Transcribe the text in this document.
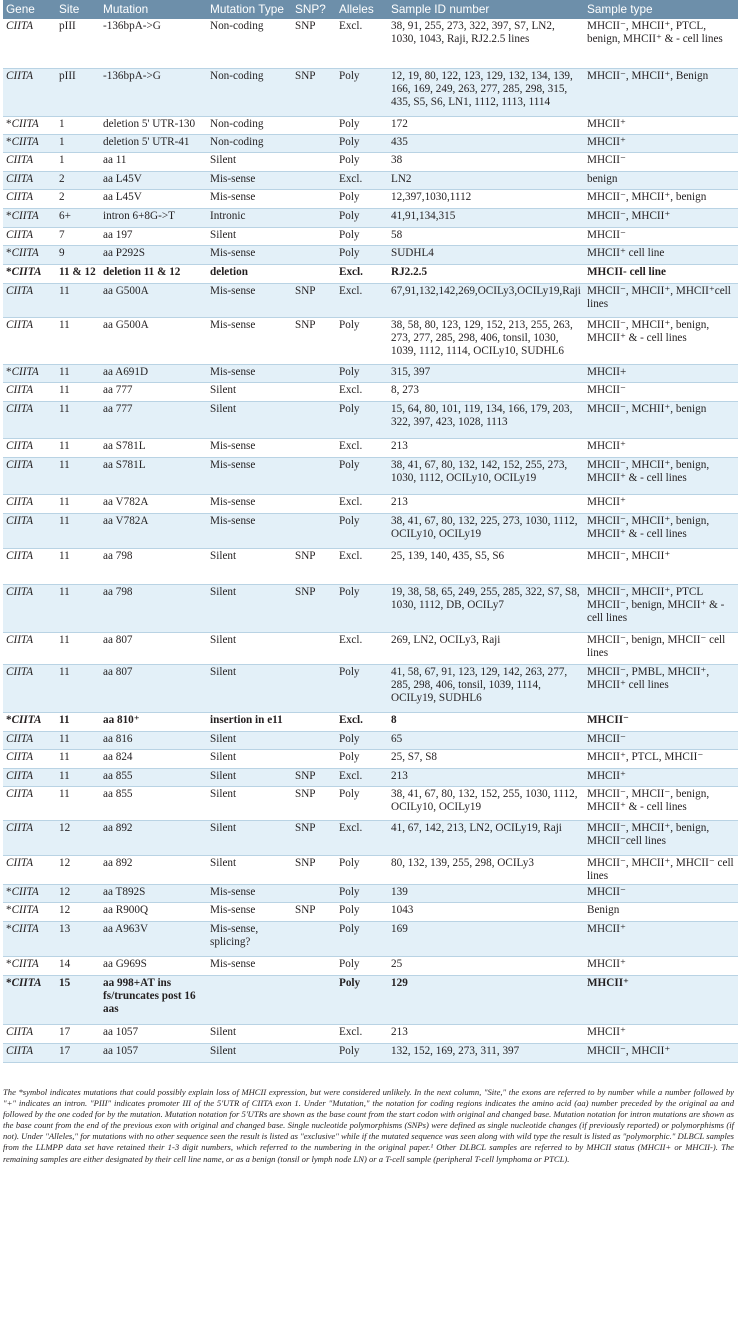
Gene	Site	Mutation	Mutation Type	SNP?	Alleles	Sample ID number	Sample type
CIITA	pIII	-136bpA->G	Non-coding	SNP	Excl.	38, 91, 255, 273, 322, 397, S7, LN2, 1030, 1043, Raji, RJ2.2.5 lines	MHCII⁻, MHCII⁺, PTCL, benign, MHCII⁺ & - cell lines
CIITA	pIII	-136bpA->G	Non-coding	SNP	Poly	12, 19, 80, 122, 123, 129, 132, 134, 139, 166, 169, 249, 263, 277, 285, 298, 315, 435, S5, S6, LN1, 1112, 1113, 1114	MHCII⁻, MHCII⁺, Benign
*CIITA	1	deletion 5' UTR-130	Non-coding		Poly	172	MHCII⁺
*CIITA	1	deletion 5' UTR-41	Non-coding		Poly	435	MHCII⁺
CIITA	1	aa 11	Silent		Poly	38	MHCII⁻
CIITA	2	aa L45V	Mis-sense		Excl.	LN2	benign
CIITA	2	aa L45V	Mis-sense		Poly	12,397,1030,1112	MHCII⁻, MHCII⁺, benign
*CIITA	6+	intron 6+8G->T	Intronic		Poly	41,91,134,315	MHCII⁻, MHCII⁺
CIITA	7	aa 197	Silent		Poly	58	MHCII⁻
*CIITA	9	aa P292S	Mis-sense		Poly	SUDHL4	MHCII⁺ cell line
*CIITA	11 & 12	deletion 11 & 12	deletion		Excl.	RJ2.2.5	MHCII- cell line
CIITA	11	aa G500A	Mis-sense	SNP	Excl.	67,91,132,142,269,OCILy3,OCILy19,Raji	MHCII⁻, MHCII⁺, MHCII⁺cell lines
CIITA	11	aa G500A	Mis-sense	SNP	Poly	38, 58, 80, 123, 129, 152, 213, 255, 263, 273, 277, 285, 298, 406, tonsil, 1030, 1039, 1112, 1114, OCILy10, SUDHL6	MHCII⁻, MHCII⁺, benign, MHCII⁺ & - cell lines
*CIITA	11	aa A691D	Mis-sense		Poly	315, 397	MHCII+
CIITA	11	aa 777	Silent		Excl.	8, 273	MHCII⁻
CIITA	11	aa 777	Silent		Poly	15, 64, 80, 101, 119, 134, 166, 179, 203, 322, 397, 423, 1028, 1113	MHCII⁻, MCHII⁺, benign
CIITA	11	aa S781L	Mis-sense		Excl.	213	MHCII⁺
CIITA	11	aa S781L	Mis-sense		Poly	38, 41, 67, 80, 132, 142, 152, 255, 273, 1030, 1112, OCILy10, OCILy19	MHCII⁻, MHCII⁺, benign, MHCII⁺ & - cell lines
CIITA	11	aa V782A	Mis-sense		Excl.	213	MHCII⁺
CIITA	11	aa V782A	Mis-sense		Poly	38, 41, 67, 80, 132, 225, 273, 1030, 1112, OCILy10, OCILy19	MHCII⁻, MHCII⁺, benign, MHCII⁺ & - cell lines
CIITA	11	aa 798	Silent	SNP	Excl.	25, 139, 140, 435, S5, S6	MHCII⁻, MHCII⁺
CIITA	11	aa 798	Silent	SNP	Poly	19, 38, 58, 65, 249, 255, 285, 322, S7, S8, 1030, 1112, DB, OCILy7	MHCII⁻, MHCII⁺, PTCL MHCII⁻, benign, MHCII⁺ & - cell lines
CIITA	11	aa 807	Silent		Excl.	269, LN2, OCILy3, Raji	MHCII⁻, benign, MHCII⁻ cell lines
CIITA	11	aa 807	Silent		Poly	41, 58, 67, 91, 123, 129, 142, 263, 277, 285, 298, 406, tonsil, 1039, 1114, OCILy19, SUDHL6	MHCII⁻, PMBL, MHCII⁺, MHCII⁺ cell lines
*CIITA	11	aa 810⁺	insertion in e11		Excl.	8	MHCII⁻
CIITA	11	aa 816	Silent		Poly	65	MHCII⁻
CIITA	11	aa 824	Silent		Poly	25, S7, S8	MHCII⁺, PTCL, MHCII⁻
CIITA	11	aa 855	Silent	SNP	Excl.	213	MHCII⁺
CIITA	11	aa 855	Silent	SNP	Poly	38, 41, 67, 80, 132, 152, 255, 1030, 1112, OCILy10, OCILy19	MHCII⁻, MHCII⁻, benign, MHCII⁺ & - cell lines
CIITA	12	aa 892	Silent	SNP	Excl.	41, 67, 142, 213, LN2, OCILy19, Raji	MHCII⁻, MHCII⁺, benign, MHCII⁻cell lines
CIITA	12	aa 892	Silent	SNP	Poly	80, 132, 139, 255, 298, OCILy3	MHCII⁻, MHCII⁺, MHCII⁻ cell lines
*CIITA	12	aa T892S	Mis-sense		Poly	139	MHCII⁻
*CIITA	12	aa R900Q	Mis-sense	SNP	Poly	1043	Benign
*CIITA	13	aa A963V	Mis-sense, splicing?		Poly	169	MHCII⁺
*CIITA	14	aa G969S	Mis-sense		Poly	25	MHCII⁺
*CIITA	15	aa 998+AT ins fs/truncates post 16 aas			Poly	129	MHCII⁺
CIITA	17	aa 1057	Silent		Excl.	213	MHCII⁺
CIITA	17	aa 1057	Silent		Poly	132, 152, 169, 273, 311, 397	MHCII⁻, MHCII⁺

The *symbol indicates mutations that could possibly explain loss of MHCII expression, but were considered unlikely. In the next column, "Site," the exons are referred to by number while a number followed by "+" indicates an intron. "PIII" indicates promoter III of the 5'UTR of CIITA exon 1. Under "Mutation," the notation for coding regions indicates the amino acid (aa) number preceded by the original aa and followed by the one coded for by the mutation. Mutation notation for 5'UTRs are shown as the base count from the start codon with original and changed base. Mutation notation for intron mutations are shown as the base count from the end of the previous exon with original and changed base. Single nucleotide polymorphisms (SNPs) were defined as single nucleotide changes (if previously reported) or polymorphisms (if not). Under "Alleles," for mutations with no other sequence seen the result is listed as "exclusive" while if the mutated sequence was seen along with wild type the result is listed as "polymorphic." DLBCL samples from the LLMPP data set have retained their 1-3 digit numbers, which referred to the numbering in the original paper.¹ Other DLBCL samples are referred to by MHCII status (MHCII+ or MHCII-). The remaining samples are either designated by their cell line name, or as a benign (tonsil or lymph node LN) or a T-cell sample (peripheral T-cell lymphoma or PTCL).
